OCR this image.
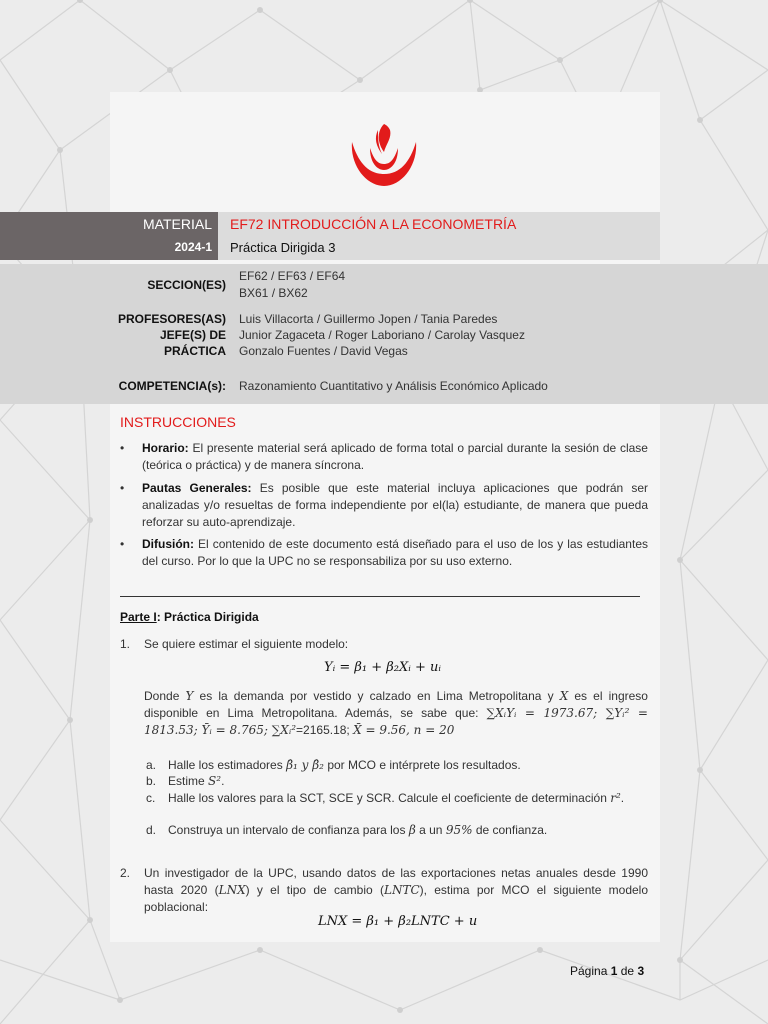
MATERIAL
2024-1
EF72 INTRODUCCIÓN A LA ECONOMETRÍA
Práctica Dirigida 3
SECCION(ES)
EF62 / EF63 / EF64
BX61 / BX62
PROFESORES(AS) Luis Villacorta / Guillermo Jopen / Tania Paredes
JEFE(S) DE
PRÁCTICA
Junior Zagaceta / Roger Laboriano / Carolay Vasquez
Gonzalo Fuentes / David Vegas
COMPETENCIA(s): Razonamiento Cuantitativo y Análisis Económico Aplicado
INSTRUCCIONES
• Horario: El presente material será aplicado de forma total o parcial durante la sesión de clase (teórica o práctica) y de manera síncrona.
• Pautas Generales: Es posible que este material incluya aplicaciones que podrán ser analizadas y/o resueltas de forma independiente por el(la) estudiante, de manera que pueda reforzar su auto-aprendizaje.
• Difusión: El contenido de este documento está diseñado para el uso de los y las estudiantes del curso. Por lo que la UPC no se responsabiliza por su uso externo.
Parte I: Práctica Dirigida
1. Se quiere estimar el siguiente modelo:
Yᵢ = β₁ + β₂Xᵢ + uᵢ
Donde Y es la demanda por vestido y calzado en Lima Metropolitana y X es el ingreso disponible en Lima Metropolitana. Además, se sabe que: ∑XᵢYᵢ = 1973.67; ∑Yᵢ² = 1813.53; Ȳᵢ = 8.765; ∑Xᵢ²=2165.18; X̄ = 9.56, n = 20
a. Halle los estimadores β̂₁ y β̂₂ por MCO e intérprete los resultados.
b. Estime S².
c. Halle los valores para la SCT, SCE y SCR. Calcule el coeficiente de determinación r².
d. Construya un intervalo de confianza para los β a un 95% de confianza.
2. Un investigador de la UPC, usando datos de las exportaciones netas anuales desde 1990 hasta 2020 (LNX) y el tipo de cambio (LNTC), estima por MCO el siguiente modelo poblacional:
LNX = β₁ + β₂LNTC + u
Página 1 de 3
